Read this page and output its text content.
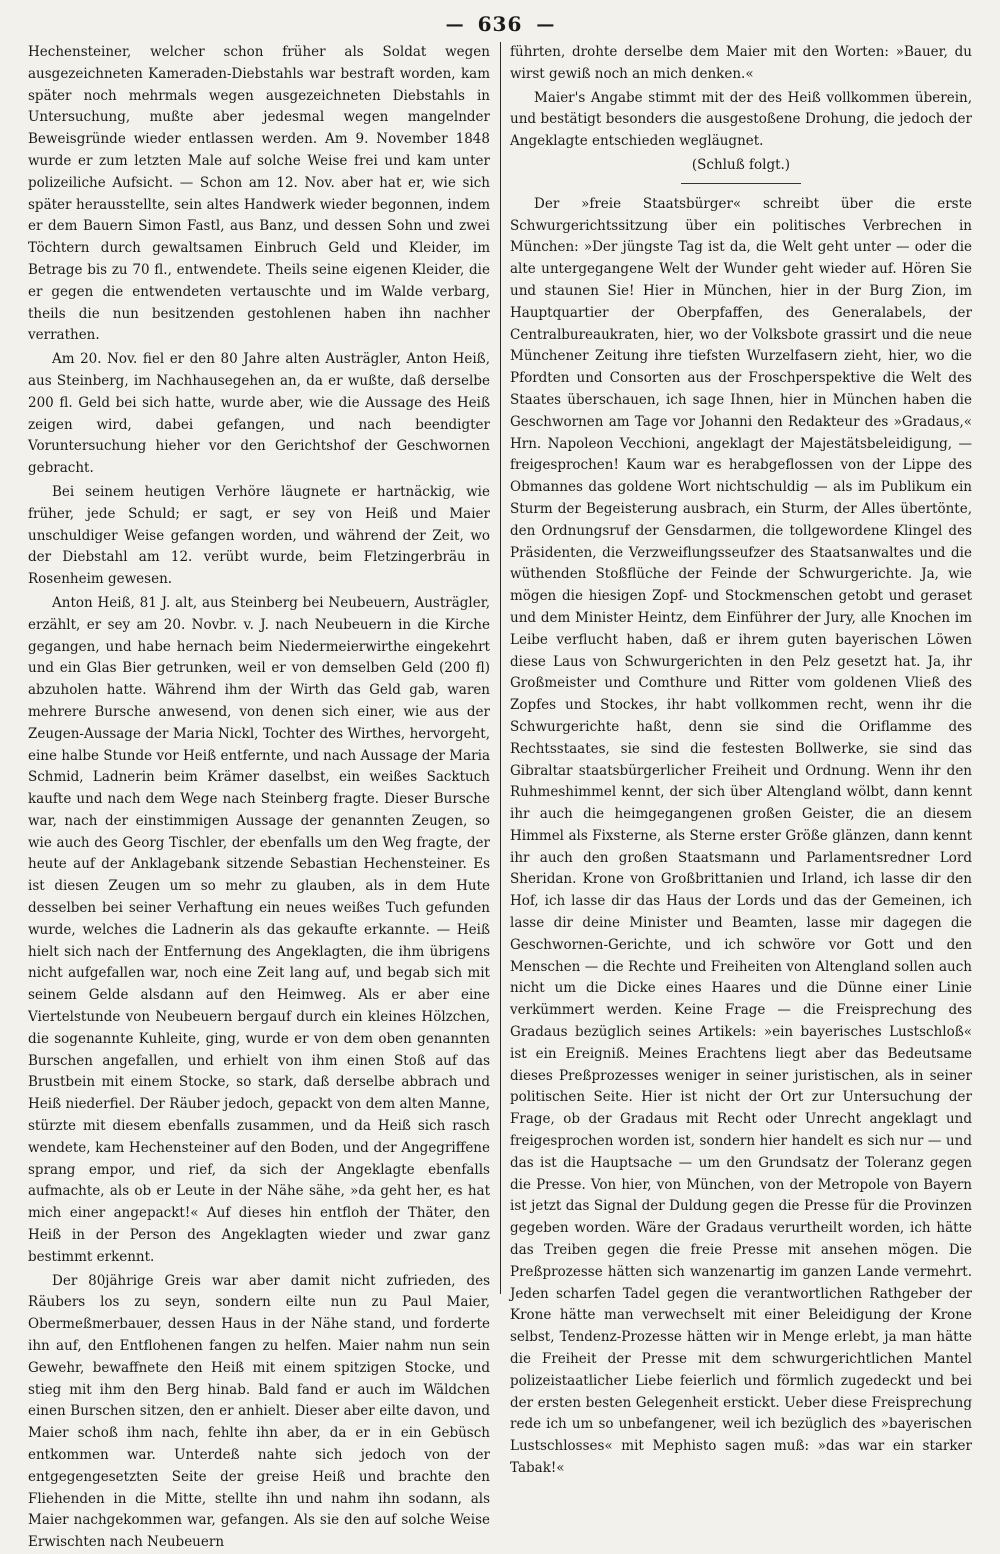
— 636 —

Hechensteiner, welcher schon früher als Soldat wegen ausgezeichneten Kameraden-Diebstahls war bestraft worden, kam später noch mehrmals wegen ausgezeichneten Diebstahls in Untersuchung, mußte aber jedesmal wegen mangelnder Beweisgründe wieder entlassen werden. Am 9. November 1848 wurde er zum letzten Male auf solche Weise frei und kam unter polizeiliche Aufsicht. — Schon am 12. Nov. aber hat er, wie sich später herausstellte, sein altes Handwerk wieder begonnen, indem er dem Bauern Simon Fastl, aus Banz, und dessen Sohn und zwei Töchtern durch gewaltsamen Einbruch Geld und Kleider, im Betrage bis zu 70 fl., entwendete. Theils seine eigenen Kleider, die er gegen die entwendeten vertauschte und im Walde verbarg, theils die nun besitzenden gestohlenen haben ihn nachher verrathen.

Am 20. Nov. fiel er den 80 Jahre alten Austrägler, Anton Heiß, aus Steinberg, im Nachhausegehen an, da er wußte, daß derselbe 200 fl. Geld bei sich hatte, wurde aber, wie die Aussage des Heiß zeigen wird, dabei gefangen, und nach beendigter Voruntersuchung hieher vor den Gerichtshof der Geschwornen gebracht.

Bei seinem heutigen Verhöre läugnete er hartnäckig, wie früher, jede Schuld; er sagt, er sey von Heiß und Maier unschuldiger Weise gefangen worden, und während der Zeit, wo der Diebstahl am 12. verübt wurde, beim Fletzingerbräu in Rosenheim gewesen.

Anton Heiß, 81 J. alt, aus Steinberg bei Neubeuern, Austrägler, erzählt, er sey am 20. Novbr. v. J. nach Neubeuern in die Kirche gegangen, und habe hernach beim Niedermeierwirthe eingekehrt und ein Glas Bier getrunken, weil er von demselben Geld (200 fl) abzuholen hatte. Während ihm der Wirth das Geld gab, waren mehrere Bursche anwesend, von denen sich einer, wie aus der Zeugen-Aussage der Maria Nickl, Tochter des Wirthes, hervorgeht, eine halbe Stunde vor Heiß entfernte, und nach Aussage der Maria Schmid, Ladnerin beim Krämer daselbst, ein weißes Sacktuch kaufte und nach dem Wege nach Steinberg fragte. Dieser Bursche war, nach der einstimmigen Aussage der genannten Zeugen, so wie auch des Georg Tischler, der ebenfalls um den Weg fragte, der heute auf der Anklagebank sitzende Sebastian Hechensteiner. Es ist diesen Zeugen um so mehr zu glauben, als in dem Hute desselben bei seiner Verhaftung ein neues weißes Tuch gefunden wurde, welches die Ladnerin als das gekaufte erkannte. — Heiß hielt sich nach der Entfernung des Angeklagten, die ihm übrigens nicht aufgefallen war, noch eine Zeit lang auf, und begab sich mit seinem Gelde alsdann auf den Heimweg. Als er aber eine Viertelstunde von Neubeuern bergauf durch ein kleines Hölzchen, die sogenannte Kuhleite, ging, wurde er von dem oben genannten Burschen angefallen, und erhielt von ihm einen Stoß auf das Brustbein mit einem Stocke, so stark, daß derselbe abbrach und Heiß niederfiel. Der Räuber jedoch, gepackt von dem alten Manne, stürzte mit diesem ebenfalls zusammen, und da Heiß sich rasch wendete, kam Hechensteiner auf den Boden, und der Angegriffene sprang empor, und rief, da sich der Angeklagte ebenfalls aufmachte, als ob er Leute in der Nähe sähe, »da geht her, es hat mich einer angepackt!« Auf dieses hin entfloh der Thäter, den Heiß in der Person des Angeklagten wieder und zwar ganz bestimmt erkennt.

Der 80jährige Greis war aber damit nicht zufrieden, des Räubers los zu seyn, sondern eilte nun zu Paul Maier, Obermeßmerbauer, dessen Haus in der Nähe stand, und forderte ihn auf, den Entflohenen fangen zu helfen. Maier nahm nun sein Gewehr, bewaffnete den Heiß mit einem spitzigen Stocke, und stieg mit ihm den Berg hinab. Bald fand er auch im Wäldchen einen Burschen sitzen, den er anhielt. Dieser aber eilte davon, und Maier schoß ihm nach, fehlte ihn aber, da er in ein Gebüsch entkommen war. Unterdeß nahte sich jedoch von der entgegengesetzten Seite der greise Heiß und brachte den Fliehenden in die Mitte, stellte ihn und nahm ihn sodann, als Maier nachgekommen war, gefangen. Als sie den auf solche Weise Erwischten nach Neubeuern

führten, drohte derselbe dem Maier mit den Worten: »Bauer, du wirst gewiß noch an mich denken.«

Maier's Angabe stimmt mit der des Heiß vollkommen überein, und bestätigt besonders die ausgestoßene Drohung, die jedoch der Angeklagte entschieden wegläugnet.

(Schluß folgt.)

Der »freie Staatsbürger« schreibt über die erste Schwurgerichtssitzung über ein politisches Verbrechen in München: »Der jüngste Tag ist da, die Welt geht unter — oder die alte untergegangene Welt der Wunder geht wieder auf. Hören Sie und staunen Sie! Hier in München, hier in der Burg Zion, im Hauptquartier der Oberpfaffen, des Generalabels, der Centralbureaukraten, hier, wo der Volksbote grassirt und die neue Münchener Zeitung ihre tiefsten Wurzelfasern zieht, hier, wo die Pfordten und Consorten aus der Froschperspektive die Welt des Staates überschauen, ich sage Ihnen, hier in München haben die Geschwornen am Tage vor Johanni den Redakteur des »Gradaus,« Hrn. Napoleon Vecchioni, angeklagt der Majestätsbeleidigung, — freigesprochen! Kaum war es herabgeflossen von der Lippe des Obmannes das goldene Wort nichtschuldig — als im Publikum ein Sturm der Begeisterung ausbrach, ein Sturm, der Alles übertönte, den Ordnungsruf der Gensdarmen, die tollgewordene Klingel des Präsidenten, die Verzweiflungsseufzer des Staatsanwaltes und die wüthenden Stoßflüche der Feinde der Schwurgerichte. Ja, wie mögen die hiesigen Zopf- und Stockmenschen getobt und geraset und dem Minister Heintz, dem Einführer der Jury, alle Knochen im Leibe verflucht haben, daß er ihrem guten bayerischen Löwen diese Laus von Schwurgerichten in den Pelz gesetzt hat. Ja, ihr Großmeister und Comthure und Ritter vom goldenen Vließ des Zopfes und Stockes, ihr habt vollkommen recht, wenn ihr die Schwurgerichte haßt, denn sie sind die Oriflamme des Rechtsstaates, sie sind die festesten Bollwerke, sie sind das Gibraltar staatsbürgerlicher Freiheit und Ordnung. Wenn ihr den Ruhmeshimmel kennt, der sich über Altengland wölbt, dann kennt ihr auch die heimgegangenen großen Geister, die an diesem Himmel als Fixsterne, als Sterne erster Größe glänzen, dann kennt ihr auch den großen Staatsmann und Parlamentsredner Lord Sheridan. Krone von Großbrittanien und Irland, ich lasse dir den Hof, ich lasse dir das Haus der Lords und das der Gemeinen, ich lasse dir deine Minister und Beamten, lasse mir dagegen die Geschwornen-Gerichte, und ich schwöre vor Gott und den Menschen — die Rechte und Freiheiten von Altengland sollen auch nicht um die Dicke eines Haares und die Dünne einer Linie verkümmert werden. Keine Frage — die Freisprechung des Gradaus bezüglich seines Artikels: »ein bayerisches Lustschloß« ist ein Ereigniß. Meines Erachtens liegt aber das Bedeutsame dieses Preßprozesses weniger in seiner juristischen, als in seiner politischen Seite. Hier ist nicht der Ort zur Untersuchung der Frage, ob der Gradaus mit Recht oder Unrecht angeklagt und freigesprochen worden ist, sondern hier handelt es sich nur — und das ist die Hauptsache — um den Grundsatz der Toleranz gegen die Presse. Von hier, von München, von der Metropole von Bayern ist jetzt das Signal der Duldung gegen die Presse für die Provinzen gegeben worden. Wäre der Gradaus verurtheilt worden, ich hätte das Treiben gegen die freie Presse mit ansehen mögen. Die Preßprozesse hätten sich wanzenartig im ganzen Lande vermehrt. Jeden scharfen Tadel gegen die verantwortlichen Rathgeber der Krone hätte man verwechselt mit einer Beleidigung der Krone selbst, Tendenz-Prozesse hätten wir in Menge erlebt, ja man hätte die Freiheit der Presse mit dem schwurgerichtlichen Mantel polizeistaatlicher Liebe feierlich und förmlich zugedeckt und bei der ersten besten Gelegenheit erstickt. Ueber diese Freisprechung rede ich um so unbefangener, weil ich bezüglich des »bayerischen Lustschlosses« mit Mephisto sagen muß: »das war ein starker Tabak!«
